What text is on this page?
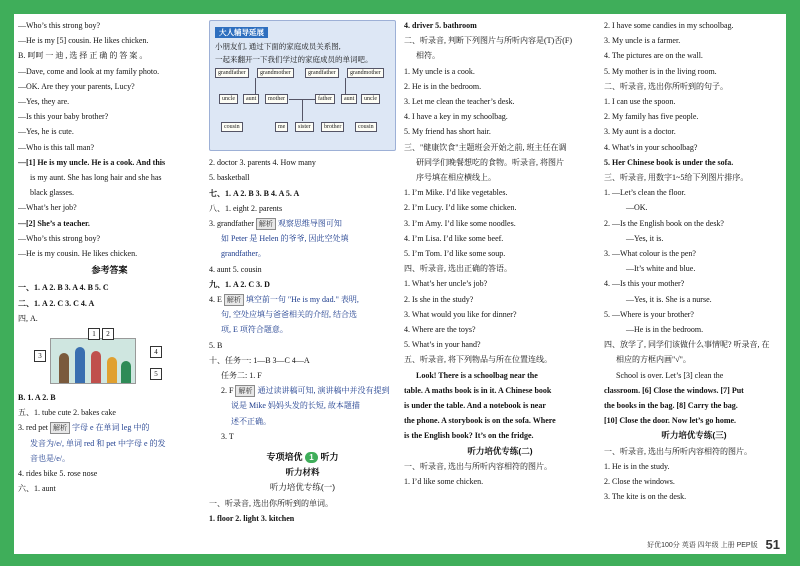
—Who’s this strong boy?
—He is my [5] cousin. He likes chicken.
B. 呵呵 一 迪 , 选 择 正 确 的 答 案 。
—Dave, come and look at my family photo.
—OK. Are they your parents, Lucy?
—Yes, they are.
—Is this your baby brother?
—Yes, he is cute.
—Who is this tall man?
—[1] He is my uncle. He is a cook. And this
is my aunt. She has long hair and she has
black glasses.
—What’s her job?
—[2] She’s a teacher.
—Who’s this strong boy?
—He is my cousin. He likes chicken.
参考答案
一、1. A 2. B 3. A 4. B 5. C
二、1. A 2. C 3. C 4. A
四, A.
1	2
3	4
5
B. 1. A 2. B
五、1. tube cute 2. bakes cake
3. red pet 解析 字母 e 在单词 leg 中的
发音为/e/, 单词 red 和 pet 中字母 e 的发
音也是/e/。
4. rides bike 5. rose nose
六、1. aunt
大人辅导延展

小朋友们, 通过下面的家庭成员关系图,

一起来翻开一下我们学过的家庭成员的单词吧。

grandfather	grandmother	grandfather	grandmother
uncle	aunt	mother	father	aunt	uncle
cousin	me	sister	brother	cousin
2. doctor 3. parents 4. How many
5. basketball
七、1. A 2. B 3. B 4. A 5. A
八、1. eight 2. parents
3. grandfather 解析 观察思维导图可知
如 Peter 是 Helen 的爷爷, 因此空处填
grandfather。
4. aunt 5. cousin
九、1. A 2. C 3. D
4. E 解析 填空前一句 "He is my dad." 表明,
句, 空处应填与爸爸相关的介绍, 结合选
项, E 项符合题意。
5. B
十、任务一: 1—B 3—C 4—A
任务二: 1. F
2. F 解析 通过读讲稿可知, 演讲稿中并没有提到
说是 Mike 妈妈头发的长短, 故本题描
述不正确。
3. T
专项培优 1 听力
听力材料
听力培优专练(一)
一、听录音, 选出你所听到的单词。
1. floor 2. light 3. kitchen
4. driver 5. bathroom
二、听录音, 判断下列图片与所听内容是(T)否(F)
相符。
1. My uncle is a cook.
2. He is in the bedroom.
3. Let me clean the teacher’s desk.
4. I have a key in my schoolbag.
5. My friend has short hair.
三、"健康饮食"主题班会开始之前, 班主任在调
研同学们晚餐想吃的食物。听录音, 将图片
序号填在相应横线上。
1. I’m Mike. I’d like vegetables.
2. I’m Lucy. I’d like some chicken.
3. I’m Amy. I’d like some noodles.
4. I’m Lisa. I’d like some beef.
5. I’m Tom. I’d like some soup.
四、听录音, 选出正确的答语。
1. What’s her uncle’s job?
2. Is she in the study?
3. What would you like for dinner?
4. Where are the toys?
5. What’s in your hand?
五、听录音, 将下列物品与所在位置连线。
Look! There is a schoolbag near the
table. A maths book is in it. A Chinese book
is under the table. And a notebook is near
the phone. A storybook is on the sofa. Where
is the English book? It’s on the fridge.
听力培优专练(二)
一、听录音, 选出与所听内容相符的图片。
1. I’d like some chicken.
2. I have some candies in my schoolbag.
3. My uncle is a farmer.
4. The pictures are on the wall.
5. My mother is in the living room.
二、听录音, 选出你所听到的句子。
1. I can use the spoon.
2. My family has five people.
3. My aunt is a doctor.
4. What’s in your schoolbag?
5. Her Chinese book is under the sofa.
三、听录音, 用数字1~5给下列图片排序。
1. —Let’s clean the floor.
—OK.
2. —Is the English book on the desk?
—Yes, it is.
3. —What colour is the pen?
—It’s white and blue.
4. —Is this your mother?
—Yes, it is. She is a nurse.
5. —Where is your brother?
—He is in the bedroom.
四、放学了, 同学们该做什么事情呢? 听录音, 在
相应的方框内画"√"。
School is over. Let’s [3] clean the
classroom. [6] Close the windows. [7] Put
the books in the bag. [8] Carry the bag.
[10] Close the door. Now let’s go home.
听力培优专练(三)
一、听录音, 选出与所听内容相符的图片。
1. He is in the study.
2. Close the windows.
3. The kite is on the desk.
好优100分 英语 四年级 上册 PEP版 51
